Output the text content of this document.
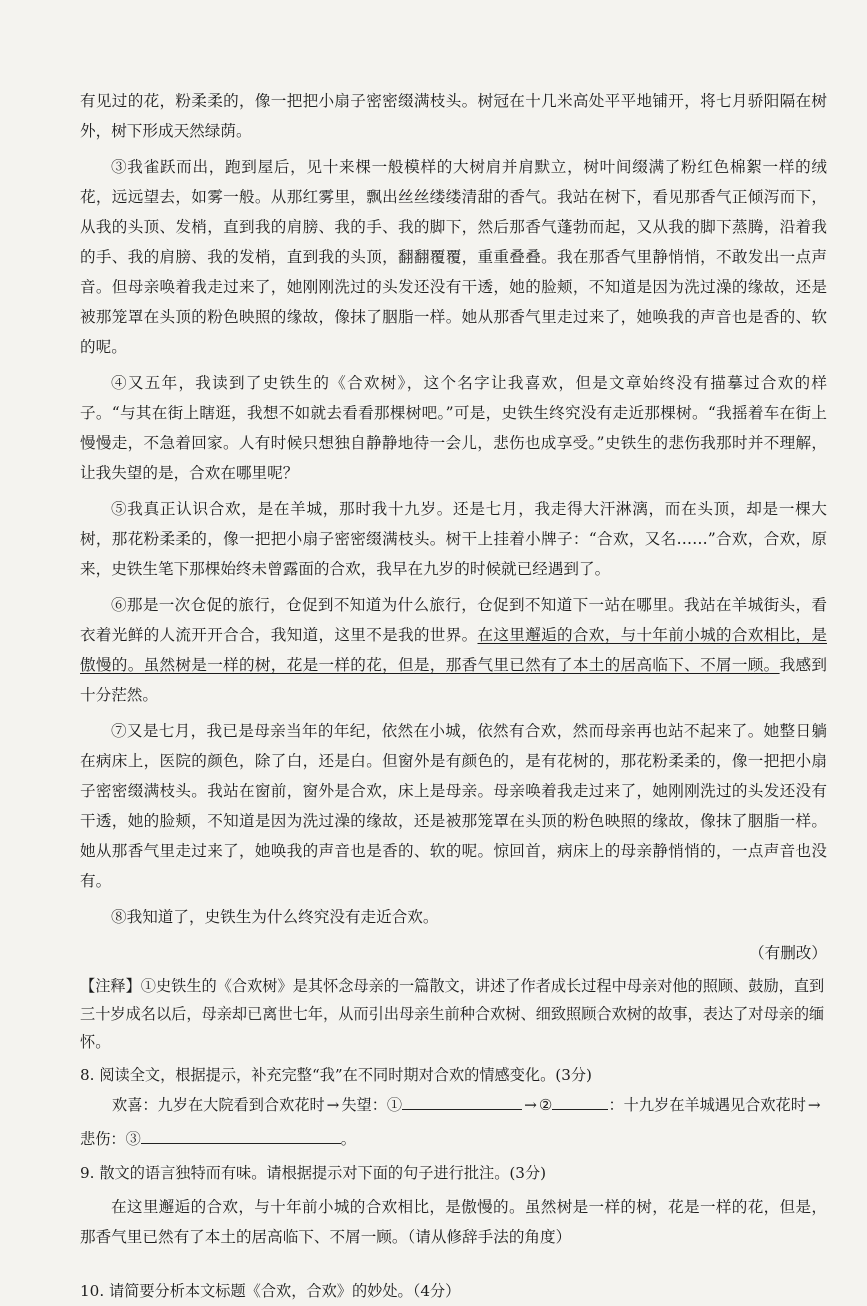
有见过的花，粉柔柔的，像一把把小扇子密密缀满枝头。树冠在十几米高处平平地铺开，将七月骄阳隔在树外，树下形成天然绿荫。

③我雀跃而出，跑到屋后，见十来棵一般模样的大树肩并肩默立，树叶间缀满了粉红色棉絮一样的绒花，远远望去，如雾一般。从那红雾里，飘出丝丝缕缕清甜的香气。我站在树下，看见那香气正倾泻而下，从我的头顶、发梢，直到我的肩膀、我的手、我的脚下，然后那香气蓬勃而起，又从我的脚下蒸腾，沿着我的手、我的肩膀、我的发梢，直到我的头顶，翻翻覆覆，重重叠叠。我在那香气里静悄悄，不敢发出一点声音。但母亲唤着我走过来了，她刚刚洗过的头发还没有干透，她的脸颊，不知道是因为洗过澡的缘故，还是被那笼罩在头顶的粉色映照的缘故，像抹了胭脂一样。她从那香气里走过来了，她唤我的声音也是香的、软的呢。

④又五年，我读到了史铁生的《合欢树》，这个名字让我喜欢，但是文章始终没有描摹过合欢的样子。“与其在街上瞎逛，我想不如就去看看那棵树吧。”可是，史铁生终究没有走近那棵树。“我摇着车在街上慢慢走，不急着回家。人有时候只想独自静静地待一会儿，悲伤也成享受。”史铁生的悲伤我那时并不理解，让我失望的是，合欢在哪里呢？

⑤我真正认识合欢，是在羊城，那时我十九岁。还是七月，我走得大汗淋漓，而在头顶，却是一棵大树，那花粉柔柔的，像一把把小扇子密密缀满枝头。树干上挂着小牌子：“合欢，又名……”合欢，合欢，原来，史铁生笔下那棵始终未曾露面的合欢，我早在九岁的时候就已经遇到了。

⑥那是一次仓促的旅行，仓促到不知道为什么旅行，仓促到不知道下一站在哪里。我站在羊城街头，看衣着光鲜的人流开开合合，我知道，这里不是我的世界。在这里邂逅的合欢，与十年前小城的合欢相比，是傲慢的。虽然树是一样的树，花是一样的花，但是，那香气里已然有了本土的居高临下、不屑一顾。我感到十分茫然。

⑦又是七月，我已是母亲当年的年纪，依然在小城，依然有合欢，然而母亲再也站不起来了。她整日躺在病床上，医院的颜色，除了白，还是白。但窗外是有颜色的，是有花树的，那花粉柔柔的，像一把把小扇子密密缀满枝头。我站在窗前，窗外是合欢，床上是母亲。母亲唤着我走过来了，她刚刚洗过的头发还没有干透，她的脸颊，不知道是因为洗过澡的缘故，还是被那笼罩在头顶的粉色映照的缘故，像抹了胭脂一样。她从那香气里走过来了，她唤我的声音也是香的、软的呢。惊回首，病床上的母亲静悄悄的，一点声音也没有。

⑧我知道了，史铁生为什么终究没有走近合欢。

（有删改）
【注释】①史铁生的《合欢树》是其怀念母亲的一篇散文，讲述了作者成长过程中母亲对他的照顾、鼓励，直到三十岁成名以后，母亲却已离世七年，从而引出母亲生前种合欢树、细致照顾合欢树的故事，表达了对母亲的缅怀。
8. 阅读全文，根据提示，补充完整“我”在不同时期对合欢的情感变化。(3分)
欢喜：九岁在大院看到合欢花时 → 失望：①	→ ②	：十九岁在羊城遇见合欢花时 →
悲伤：③	。
9. 散文的语言独特而有味。请根据提示对下面的句子进行批注。(3分)

在这里邂逅的合欢，与十年前小城的合欢相比，是傲慢的。虽然树是一样的树，花是一样的花，但是，那香气里已然有了本土的居高临下、不屑一顾。（请从修辞手法的角度）

10. 请简要分析本文标题《合欢，合欢》的妙处。（4分）
